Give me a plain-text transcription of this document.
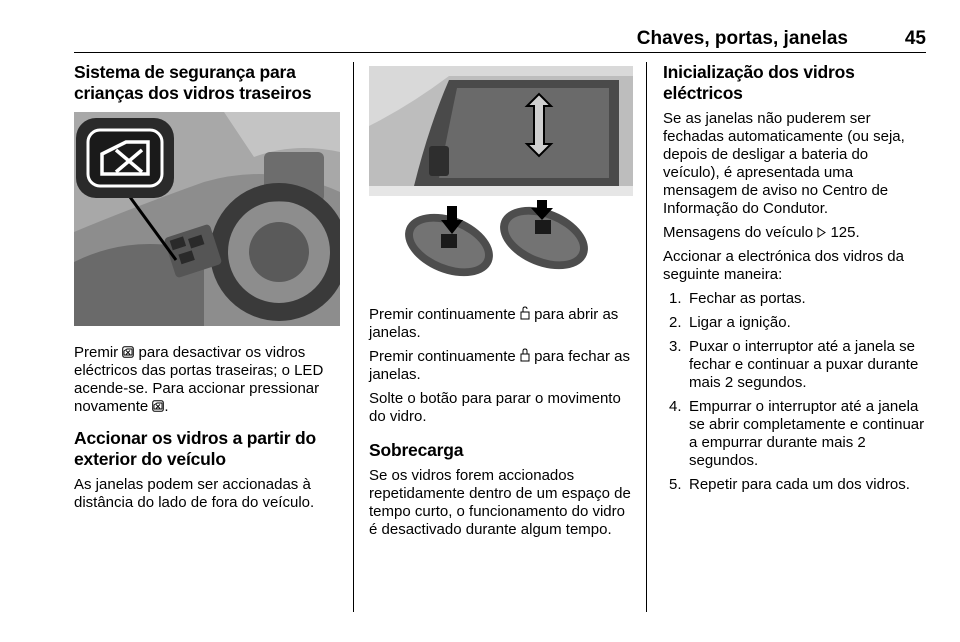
Chaves, portas, janelas	45
Sistema de segurança para crianças dos vidros traseiros

Premir  para desactivar os vidros eléctricos das portas traseiras; o LED acende-se. Para accionar pressionar novamente .

Accionar os vidros a partir do exterior do veículo

As janelas podem ser accionadas à distância do lado de fora do veículo.

Premir continuamente  para abrir as janelas.

Premir continuamente  para fechar as janelas.

Solte o botão para parar o movimento do vidro.

Sobrecarga

Se os vidros forem accionados repetidamente dentro de um espaço de tempo curto, o funcionamento do vidro é desactivado durante algum tempo.

Inicialização dos vidros eléctricos

Se as janelas não puderem ser fechadas automaticamente (ou seja, depois de desligar a bateria do veículo), é apresentada uma mensagem de aviso no Centro de Informação do Condutor.

Mensagens do veículo  125.

Accionar a electrónica dos vidros da seguinte maneira:

1. Fechar as portas.
2. Ligar a ignição.
3. Puxar o interruptor até a janela se fechar e continuar a puxar durante mais 2 segundos.
4. Empurrar o interruptor até a janela se abrir completamente e continuar a empurrar durante mais 2 segundos.
5. Repetir para cada um dos vidros.
